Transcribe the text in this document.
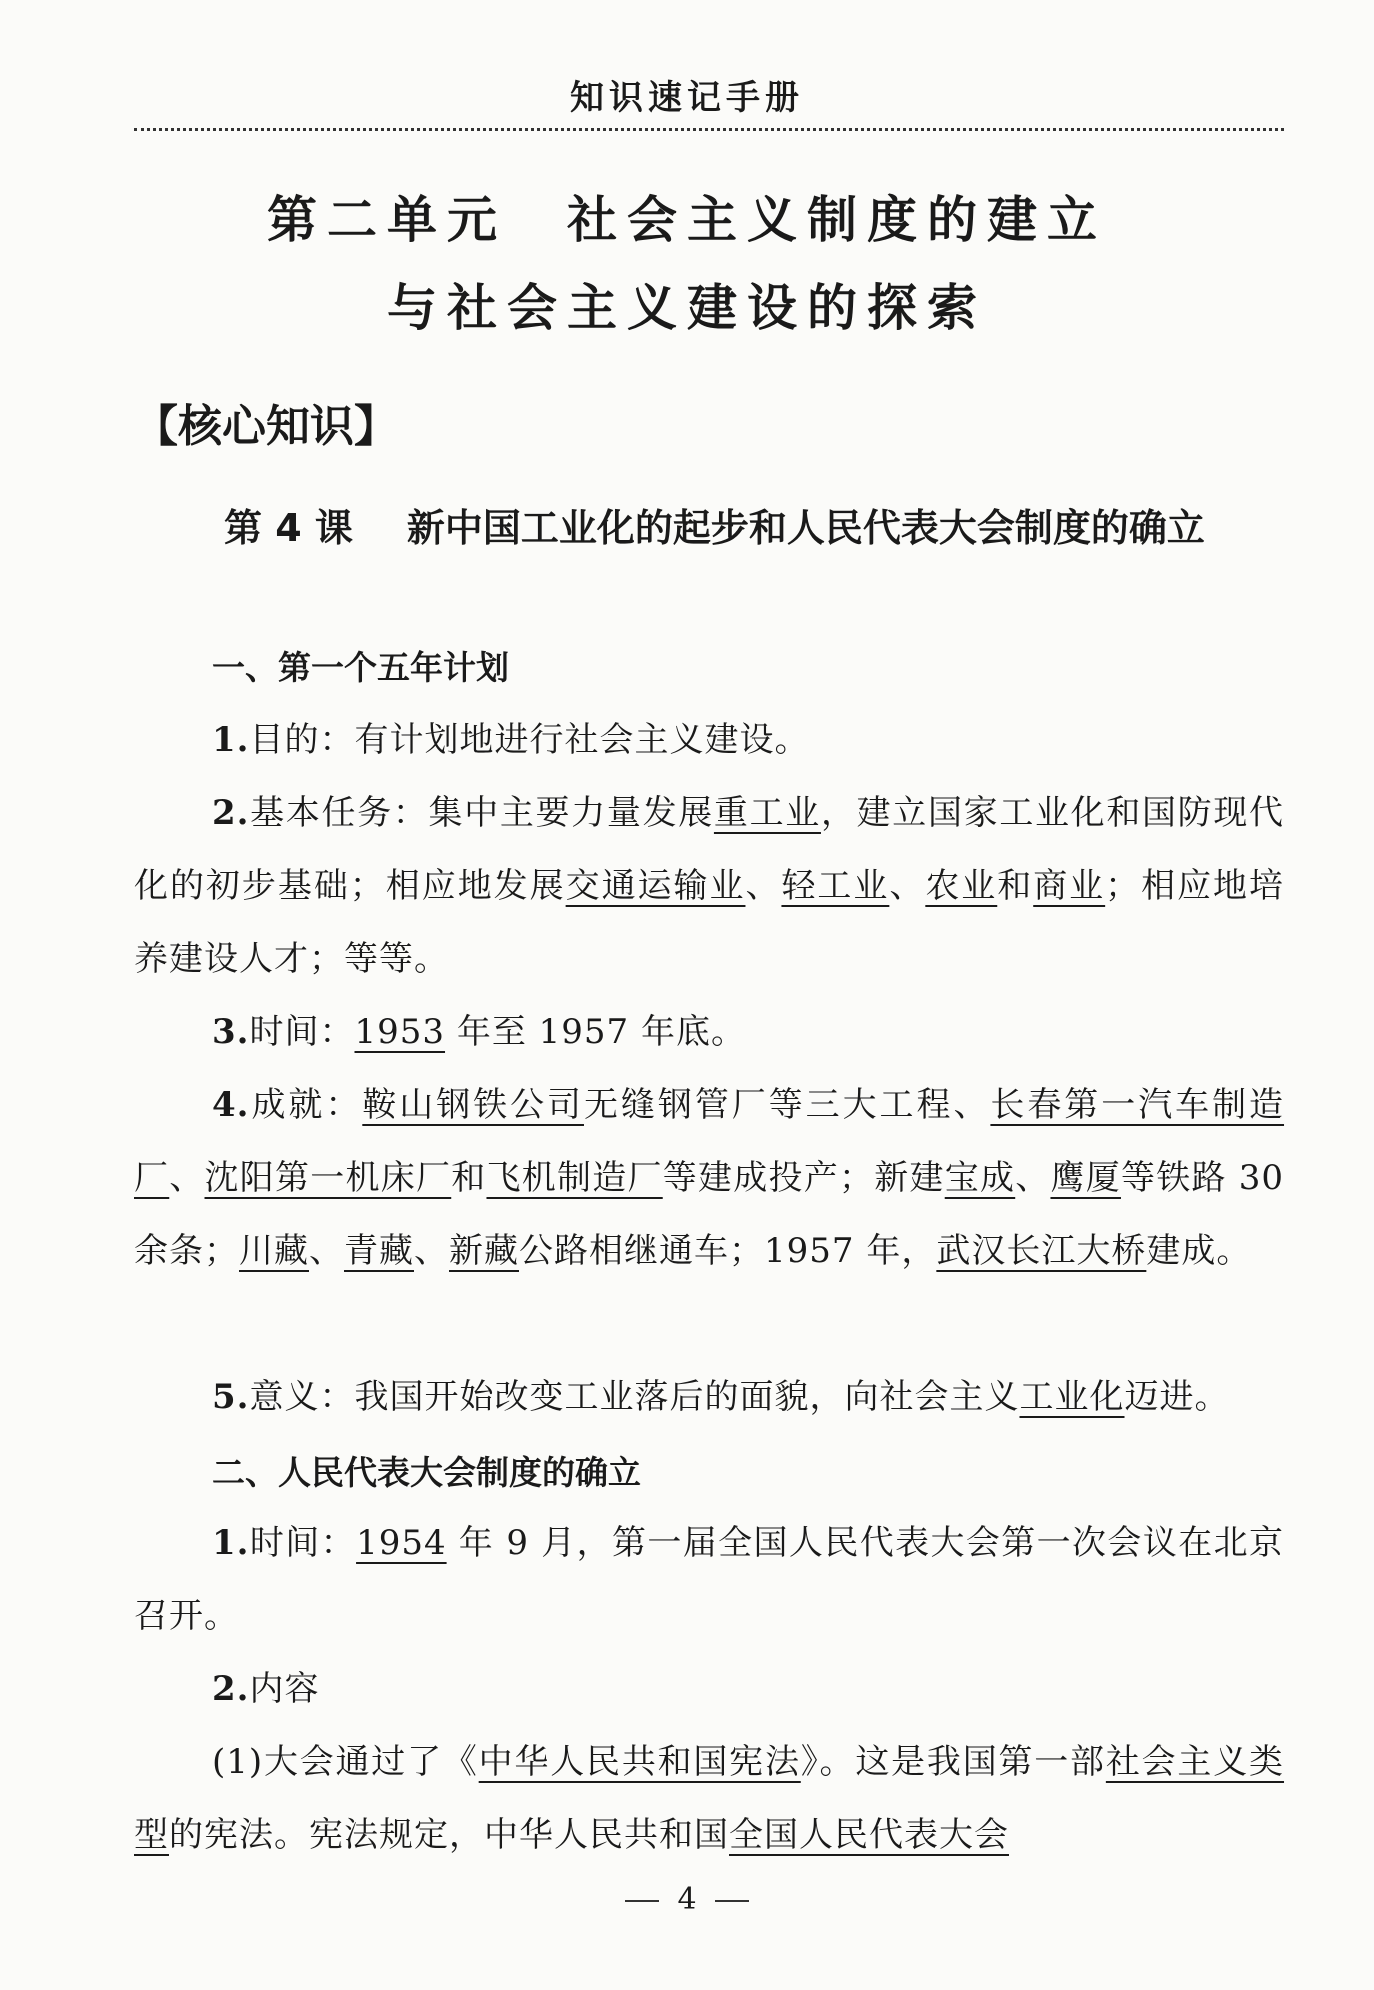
知识速记手册
第二单元 社会主义制度的建立
与社会主义建设的探索
【核心知识】
第 4 课 新中国工业化的起步和人民代表大会制度的确立
一、第一个五年计划
1.目的：有计划地进行社会主义建设。
2.基本任务：集中主要力量发展重工业，建立国家工业化和国防现代化的初步基础；相应地发展交通运输业、轻工业、农业和商业；相应地培养建设人才；等等。
3.时间：1953 年至 1957 年底。
4.成就：鞍山钢铁公司无缝钢管厂等三大工程、长春第一汽车制造厂、沈阳第一机床厂和飞机制造厂等建成投产；新建宝成、鹰厦等铁路 30 余条；川藏、青藏、新藏公路相继通车；1957 年，武汉长江大桥建成。
5.意义：我国开始改变工业落后的面貌，向社会主义工业化迈进。
二、人民代表大会制度的确立
1.时间：1954 年 9 月，第一届全国人民代表大会第一次会议在北京召开。
2.内容
(1)大会通过了《中华人民共和国宪法》。这是我国第一部社会主义类型的宪法。宪法规定，中华人民共和国全国人民代表大会
4
